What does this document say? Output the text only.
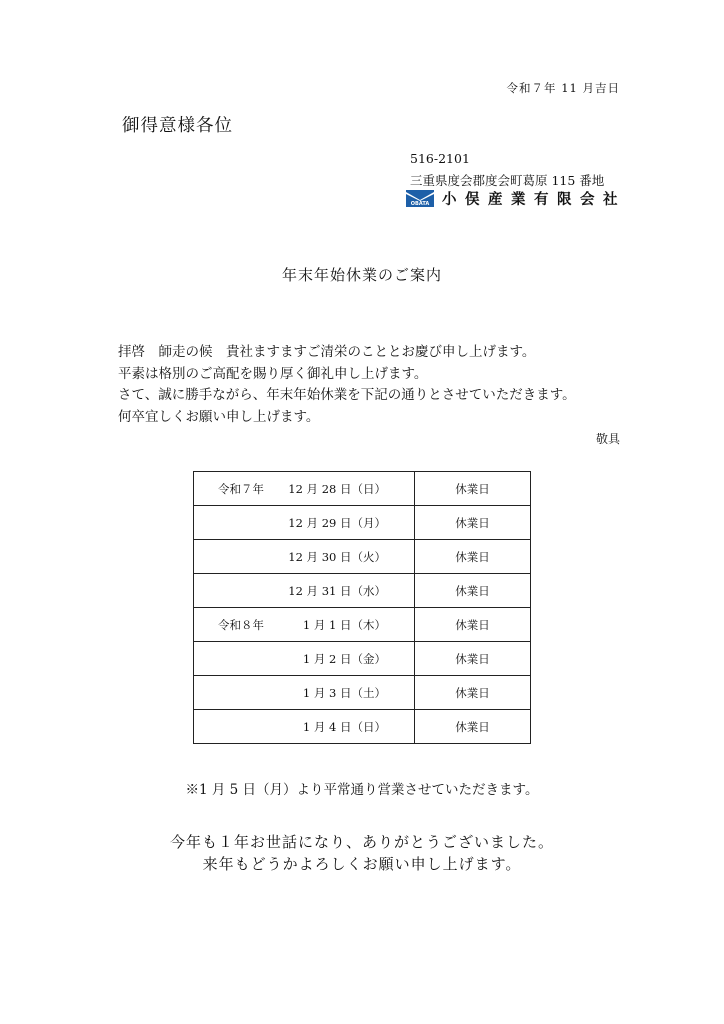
令和７年 11 月吉日
御得意様各位
516-2101
三重県度会郡度会町葛原 115 番地
OBATA 小俣産業有限会社
年末年始休業のご案内
拝啓　師走の候　貴社ますますご清栄のこととお慶び申し上げます。
平素は格別のご高配を賜り厚く御礼申し上げます。
さて、誠に勝手ながら、年末年始休業を下記の通りとさせていただきます。
何卒宜しくお願い申し上げます。
敬具
令和７年 12 月 28 日（日）	休業日

12 月 29 日（月）	休業日

12 月 30 日（火）	休業日

12 月 31 日（水）	休業日

令和８年 1 月 1 日（木）	休業日

1 月 2 日（金）	休業日

1 月 3 日（土）	休業日

1 月 4 日（日）	休業日
※1 月 5 日（月）より平常通り営業させていただきます。
今年も１年お世話になり、ありがとうございました。
来年もどうかよろしくお願い申し上げます。
